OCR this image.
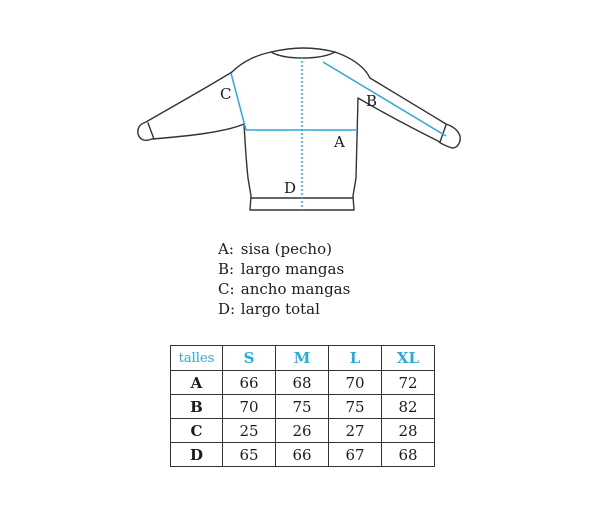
A
B
C
D
A: sisa (pecho)
B: largo mangas
C: ancho mangas
D: largo total
talles	S	M	L	XL
A	66	68	70	72
B	70	75	75	82
C	25	26	27	28
D	65	66	67	68
